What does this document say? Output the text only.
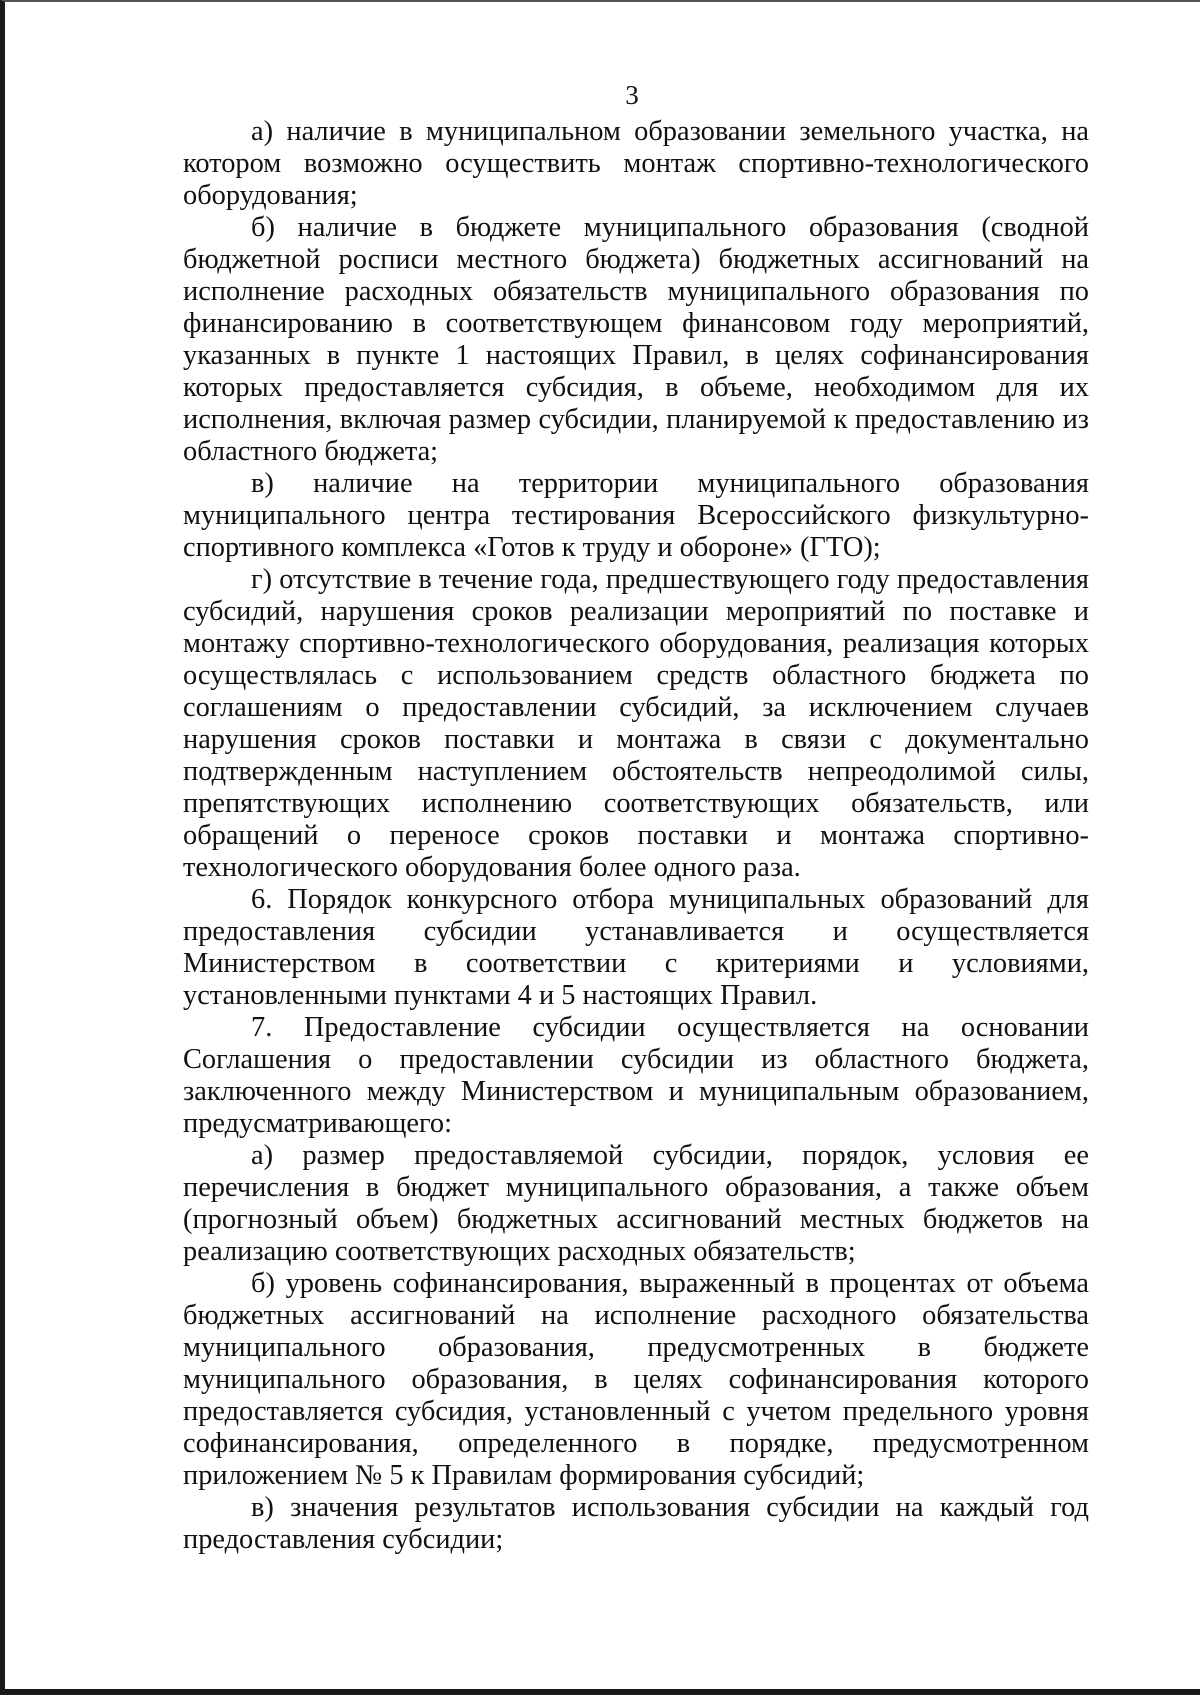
3

а) наличие в муниципальном образовании земельного участка, на котором возможно осуществить монтаж спортивно-технологического оборудования;

б) наличие в бюджете муниципального образования (сводной бюджетной росписи местного бюджета) бюджетных ассигнований на исполнение расходных обязательств муниципального образования по финансированию в соответствующем финансовом году мероприятий, указанных в пункте 1 настоящих Правил, в целях софинансирования которых предоставляется субсидия, в объеме, необходимом для их исполнения, включая размер субсидии, планируемой к предоставлению из областного бюджета;

в) наличие на территории муниципального образования муниципального центра тестирования Всероссийского физкультурно-спортивного комплекса «Готов к труду и обороне» (ГТО);

г) отсутствие в течение года, предшествующего году предоставления субсидий, нарушения сроков реализации мероприятий по поставке и монтажу спортивно-технологического оборудования, реализация которых осуществлялась с использованием средств областного бюджета по соглашениям о предоставлении субсидий, за исключением случаев нарушения сроков поставки и монтажа в связи с документально подтвержденным наступлением обстоятельств непреодолимой силы, препятствующих исполнению соответствующих обязательств, или обращений о переносе сроков поставки и монтажа спортивно-технологического оборудования более одного раза.

6. Порядок конкурсного отбора муниципальных образований для предоставления субсидии устанавливается и осуществляется Министерством в соответствии с критериями и условиями, установленными пунктами 4 и 5 настоящих Правил.

7. Предоставление субсидии осуществляется на основании Соглашения о предоставлении субсидии из областного бюджета, заключенного между Министерством и муниципальным образованием, предусматривающего:

а) размер предоставляемой субсидии, порядок, условия ее перечисления в бюджет муниципального образования, а также объем (прогнозный объем) бюджетных ассигнований местных бюджетов на реализацию соответствующих расходных обязательств;

б) уровень софинансирования, выраженный в процентах от объема бюджетных ассигнований на исполнение расходного обязательства муниципального образования, предусмотренных в бюджете муниципального образования, в целях софинансирования которого предоставляется субсидия, установленный с учетом предельного уровня софинансирования, определенного в порядке, предусмотренном приложением № 5 к Правилам формирования субсидий;

в) значения результатов использования субсидии на каждый год предоставления субсидии;
